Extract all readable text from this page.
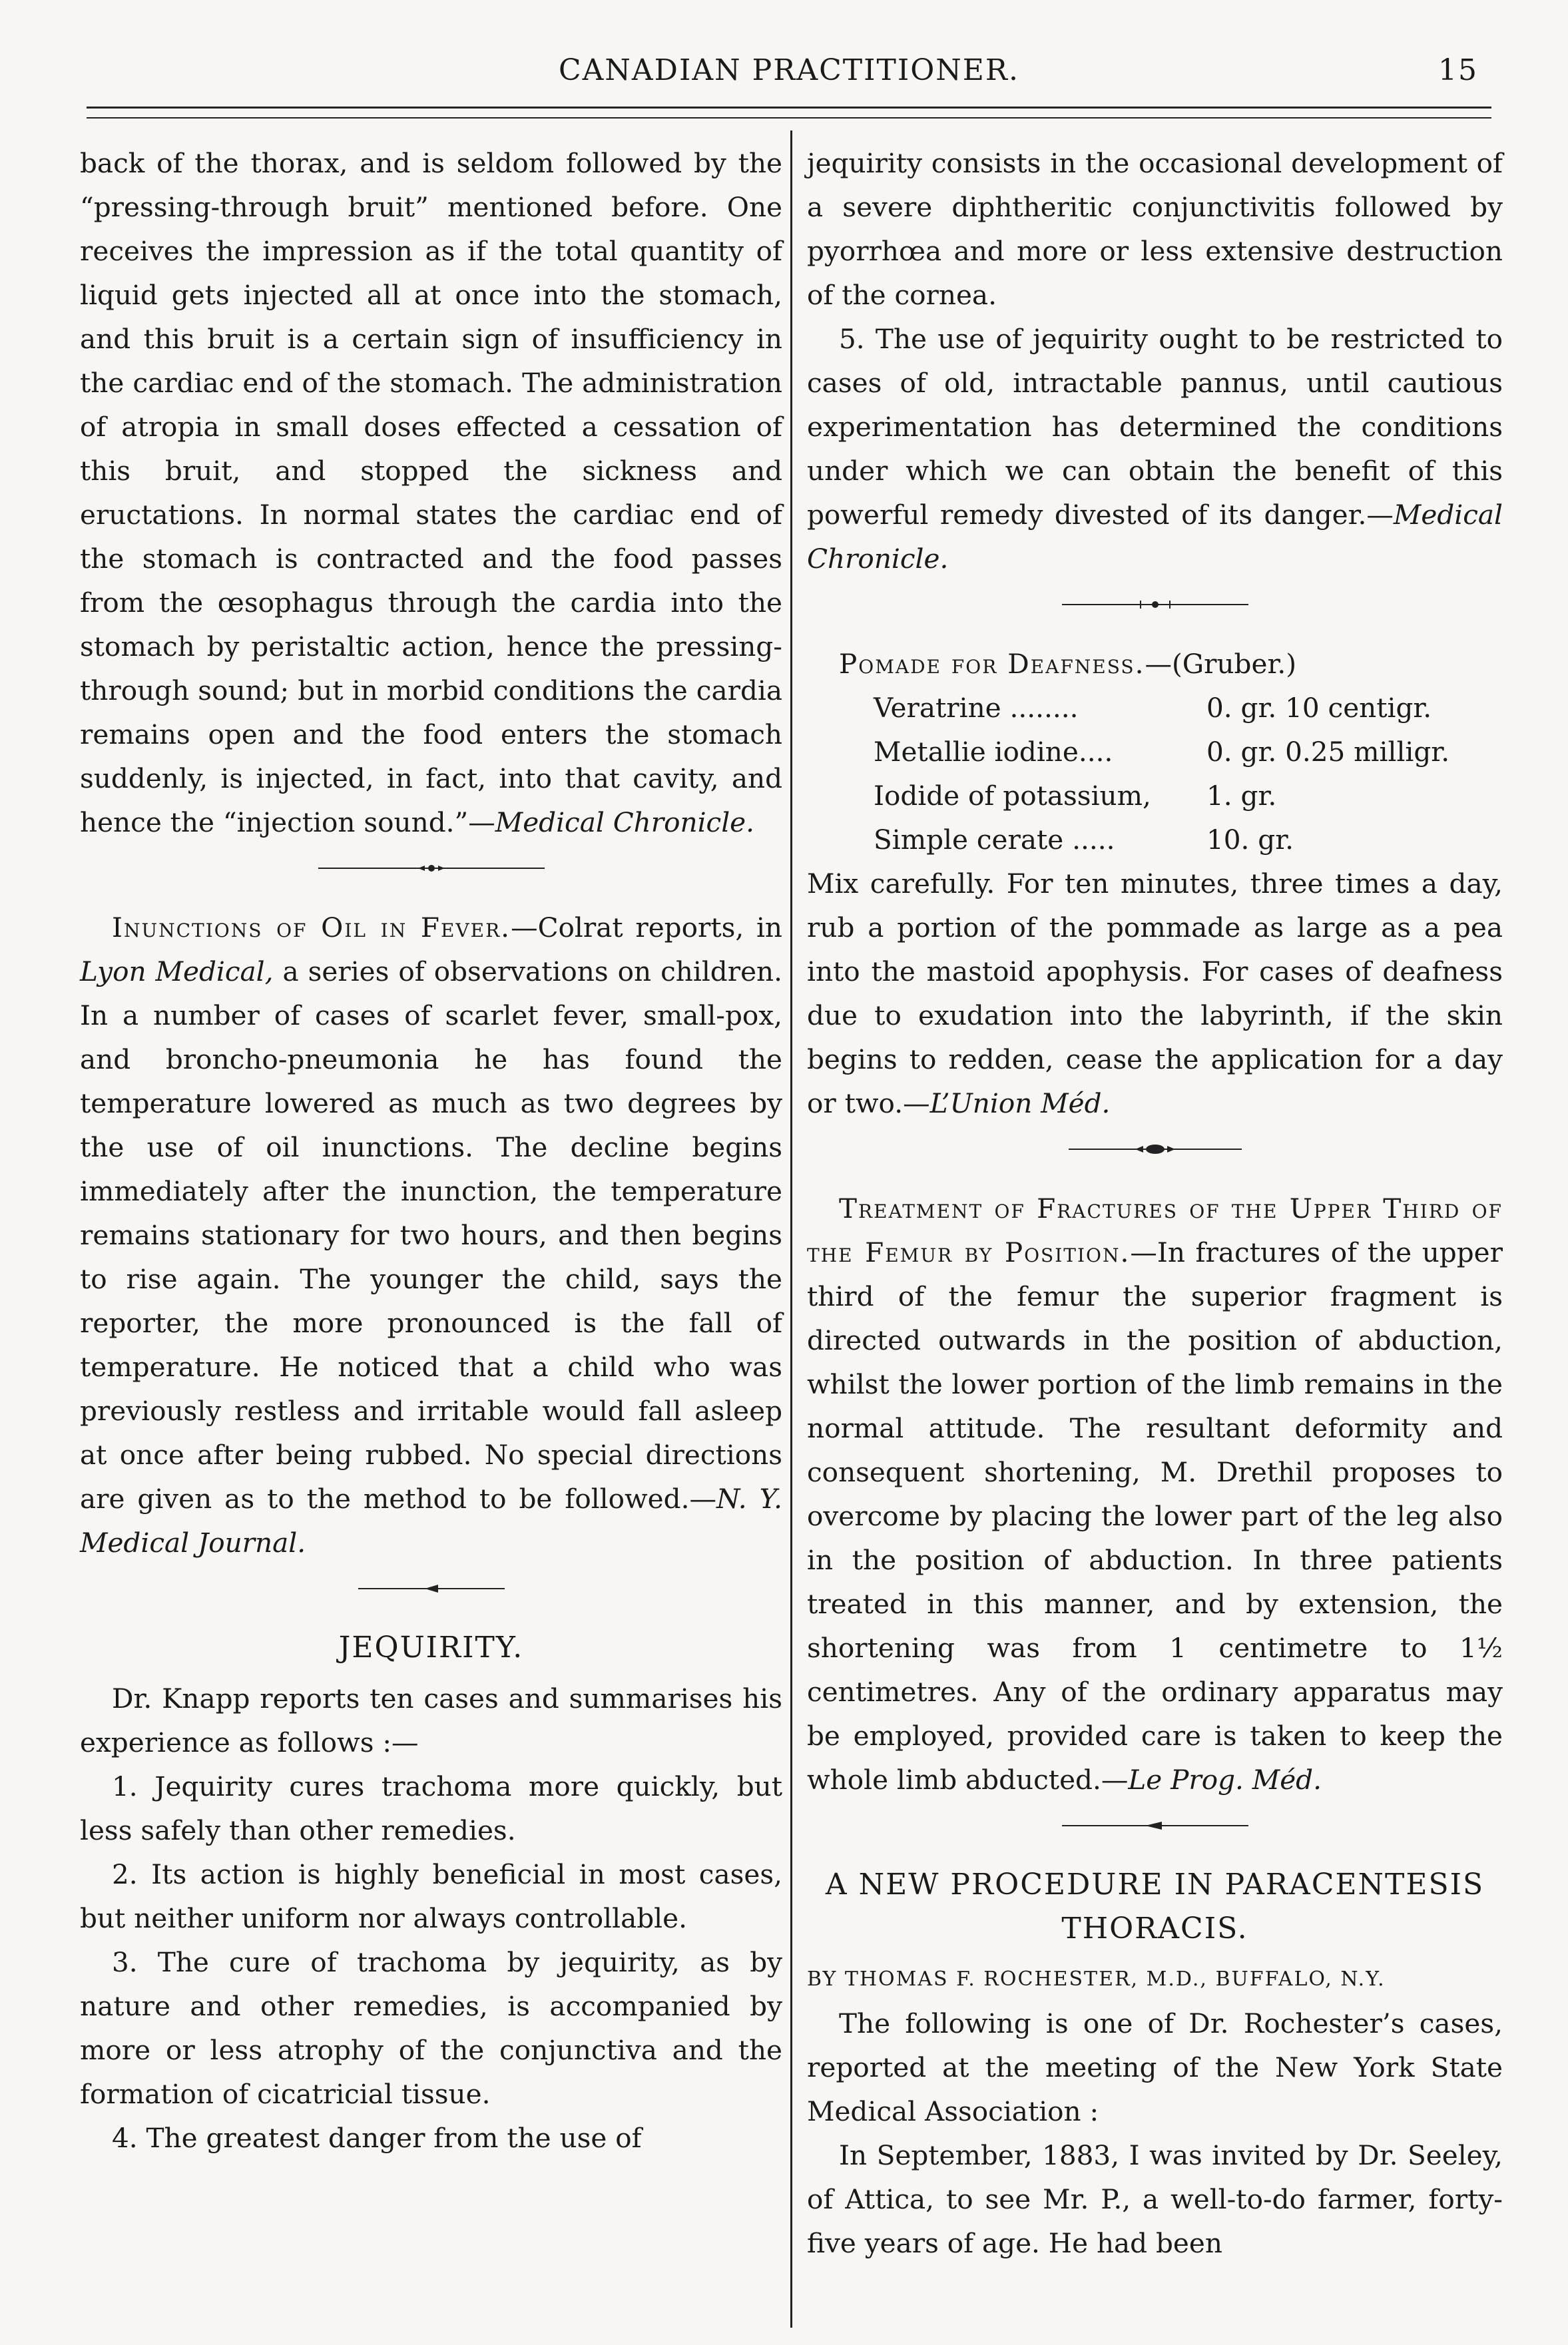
CANADIAN PRACTITIONER.	15

back of the thorax, and is seldom followed by the “pressing-through bruit” mentioned before. One receives the impression as if the total quantity of liquid gets injected all at once into the stomach, and this bruit is a certain sign of insufficiency in the cardiac end of the stomach. The administration of atropia in small doses effected a cessation of this bruit, and stopped the sickness and eructations. In normal states the cardiac end of the stomach is contracted and the food passes from the œsophagus through the cardia into the stomach by peristaltic action, hence the pressing-through sound; but in morbid conditions the cardia remains open and the food enters the stomach suddenly, is injected, in fact, into that cavity, and hence the “injection sound.”—Medical Chronicle.

Inunctions of Oil in Fever.—Colrat reports, in Lyon Medical, a series of observations on children. In a number of cases of scarlet fever, small-pox, and broncho-pneumonia he has found the temperature lowered as much as two degrees by the use of oil inunctions. The decline begins immediately after the inunction, the temperature remains stationary for two hours, and then begins to rise again. The younger the child, says the reporter, the more pronounced is the fall of temperature. He noticed that a child who was previously restless and irritable would fall asleep at once after being rubbed. No special directions are given as to the method to be followed.—N. Y. Medical Journal.

JEQUIRITY.

Dr. Knapp reports ten cases and summarises his experience as follows :—

1. Jequirity cures trachoma more quickly, but less safely than other remedies.

2. Its action is highly beneficial in most cases, but neither uniform nor always controllable.

3. The cure of trachoma by jequirity, as by nature and other remedies, is accompanied by more or less atrophy of the conjunctiva and the formation of cicatricial tissue.

4. The greatest danger from the use of

jequirity consists in the occasional development of a severe diphtheritic conjunctivitis followed by pyorrhœa and more or less extensive destruction of the cornea.

5. The use of jequirity ought to be restricted to cases of old, intractable pannus, until cautious experimentation has determined the conditions under which we can obtain the benefit of this powerful remedy divested of its danger.—Medical Chronicle.

Pomade for Deafness.—(Gruber.)

Veratrine ........	0. gr. 10 centigr.
Metallie iodine....	0. gr. 0.25 milligr.
Iodide of potassium,	1. gr.
Simple cerate .....	10. gr.

Mix carefully. For ten minutes, three times a day, rub a portion of the pommade as large as a pea into the mastoid apophysis. For cases of deafness due to exudation into the labyrinth, if the skin begins to redden, cease the application for a day or two.—L’Union Méd.

Treatment of Fractures of the Upper Third of the Femur by Position.—In fractures of the upper third of the femur the superior fragment is directed outwards in the position of abduction, whilst the lower portion of the limb remains in the normal attitude. The resultant deformity and consequent shortening, M. Drethil proposes to overcome by placing the lower part of the leg also in the position of abduction. In three patients treated in this manner, and by extension, the shortening was from 1 centimetre to 1½ centimetres. Any of the ordinary apparatus may be employed, provided care is taken to keep the whole limb abducted.—Le Prog. Méd.

A NEW PROCEDURE IN PARACENTESIS THORACIS.

BY THOMAS F. ROCHESTER, M.D., BUFFALO, N.Y.

The following is one of Dr. Rochester’s cases, reported at the meeting of the New York State Medical Association :

In September, 1883, I was invited by Dr. Seeley, of Attica, to see Mr. P., a well-to-do farmer, forty-five years of age. He had been
